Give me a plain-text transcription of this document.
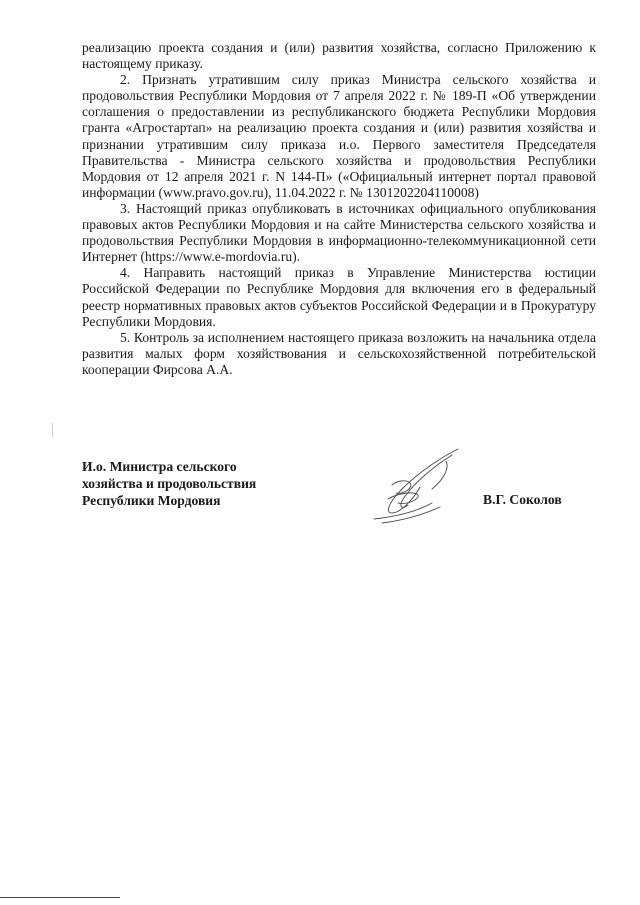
реализацию проекта создания и (или) развития хозяйства, согласно Приложению к настоящему приказу.

2. Признать утратившим силу приказ Министра сельского хозяйства и продовольствия Республики Мордовия от 7 апреля 2022 г. № 189-П «Об утверждении соглашения о предоставлении из республиканского бюджета Республики Мордовия гранта «Агростартап» на реализацию проекта создания и (или) развития хозяйства и признании утратившим силу приказа и.о. Первого заместителя Председателя Правительства - Министра сельского хозяйства и продовольствия Республики Мордовия от 12 апреля 2021 г. N 144-П» («Официальный интернет портал правовой информации (www.pravo.gov.ru), 11.04.2022 г. № 1301202204110008)

3. Настоящий приказ опубликовать в источниках официального опубликования правовых актов Республики Мордовия и на сайте Министерства сельского хозяйства и продовольствия Республики Мордовия в информационно-телекоммуникационной сети Интернет (https://www.e-mordovia.ru).

4. Направить настоящий приказ в Управление Министерства юстиции Российской Федерации по Республике Мордовия для включения его в федеральный реестр нормативных правовых актов субъектов Российской Федерации и в Прокуратуру Республики Мордовия.

5. Контроль за исполнением настоящего приказа возложить на начальника отдела развития малых форм хозяйствования и сельскохозяйственной потребительской кооперации Фирсова А.А.

И.о. Министра сельского
хозяйства и продовольствия
Республики Мордовия	В.Г. Соколов
